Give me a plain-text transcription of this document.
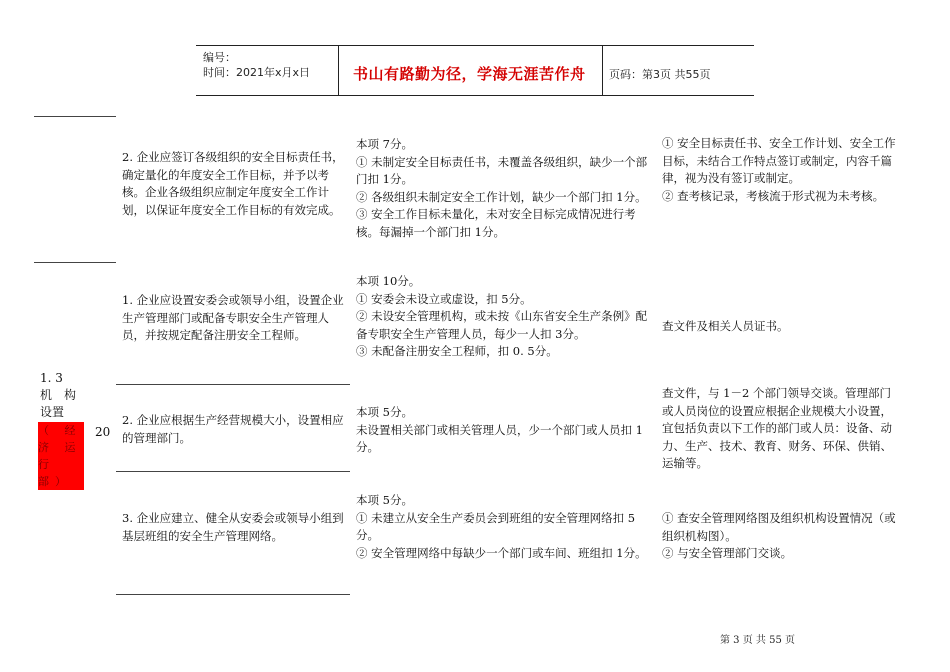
编号：
时间：2021年x月x日	书山有路勤为径，学海无涯苦作舟 页码：第3页 共55页
1. 3
机　构
设置
（ 经
济 运
行
部）
20

2. 企业应签订各级组织的安全目标责任书，确定量化的年度安全工作目标，并予以考核。企业各级组织应制定年度安全工作计划，以保证年度安全工作目标的有效完成。

本项 7分。

① 未制定安全目标责任书，未覆盖各级组织，缺少一个部门扣 1分。

② 各级组织未制定安全工作计划，缺少一个部门扣 1分。

③ 安全工作目标未量化，未对安全目标完成情况进行考核。每漏掉一个部门扣 1分。

① 安全目标责任书、安全工作计划、安全工作目标，未结合工作特点签订或制定，内容千篇律，视为没有签订或制定。

② 查考核记录，考核流于形式视为未考核。

1. 企业应设置安委会或领导小组，设置企业生产管理部门或配备专职安全生产管理人员，并按规定配备注册安全工程师。

本项 10分。

① 安委会未设立或虚设，扣 5分。

② 未设安全管理机构，或未按《山东省安全生产条例》配备专职安全生产管理人员，每少一人扣 3分。

③ 未配备注册安全工程师，扣 0. 5分。

查文件及相关人员证书。

2. 企业应根据生产经营规模大小，设置相应的管理部门。

本项 5分。

未设置相关部门或相关管理人员，少一个部门或人员扣 1分。

查文件，与 1－2 个部门领导交谈。管理部门或人员岗位的设置应根据企业规模大小设置，宜包括负责以下工作的部门或人员：设备、动力、生产、技术、教育、财务、环保、供销、运输等。

3. 企业应建立、健全从安委会或领导小组到基层班组的安全生产管理网络。

本项 5分。

① 未建立从安全生产委员会到班组的安全管理网络扣 5分。

② 安全管理网络中每缺少一个部门或车间、班组扣 1分。

① 查安全管理网络图及组织机构设置情况（或组织机构图）。

② 与安全管理部门交谈。

第 3 页 共 55 页
